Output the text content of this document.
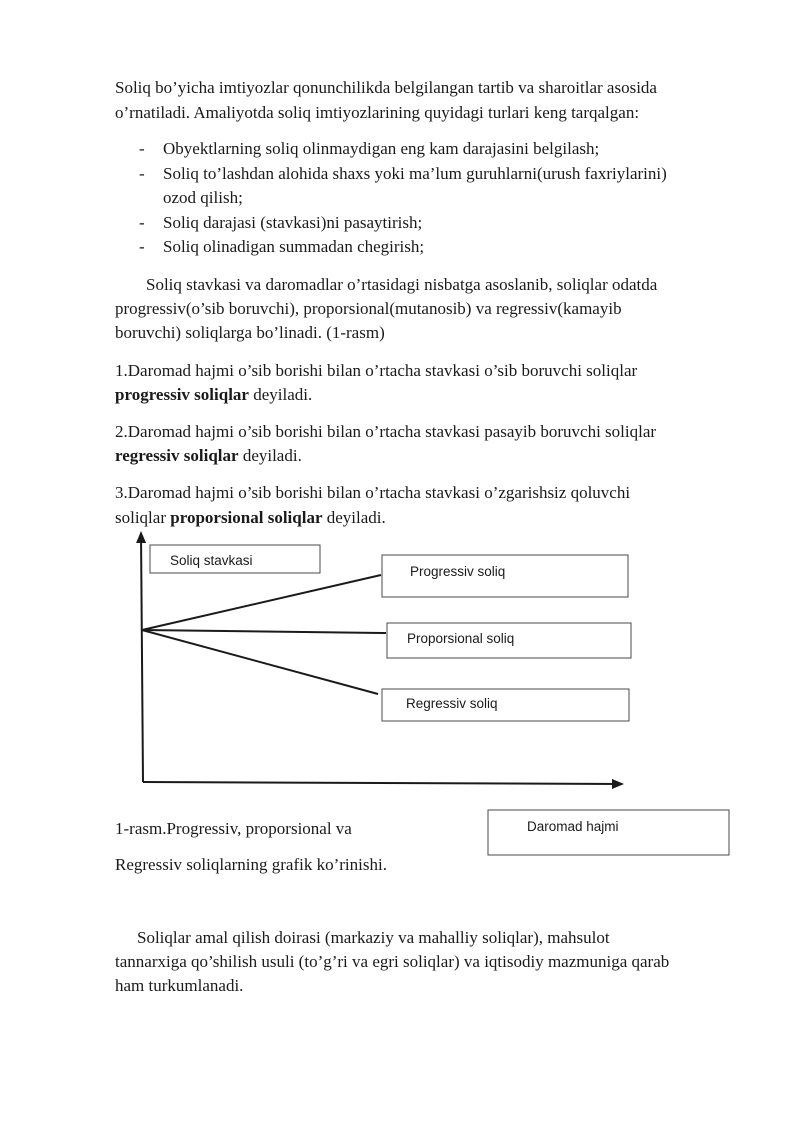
Soliq bo’yicha imtiyozlar qonunchilikda belgilangan tartib va sharoitlar asosida

o’rnatiladi. Amaliyotda soliq imtiyozlarining quyidagi turlari keng tarqalgan:

- Obyektlarning soliq olinmaydigan eng kam darajasini belgilash;

- Soliq to’lashdan alohida shaxs yoki ma’lum guruhlarni(urush faxriylarini)

ozod qilish;

- Soliq darajasi (stavkasi)ni pasaytirish;

- Soliq olinadigan summadan chegirish;

Soliq stavkasi va daromadlar o’rtasidagi nisbatga asoslanib, soliqlar odatda

progressiv(o’sib boruvchi), proporsional(mutanosib) va regressiv(kamayib

boruvchi) soliqlarga bo’linadi. (1-rasm)

1.Daromad hajmi o’sib borishi bilan o’rtacha stavkasi o’sib boruvchi soliqlar

progressiv soliqlar deyiladi.

2.Daromad hajmi o’sib borishi bilan o’rtacha stavkasi pasayib boruvchi soliqlar

regressiv soliqlar deyiladi.

3.Daromad hajmi o’sib borishi bilan o’rtacha stavkasi o’zgarishsiz qoluvchi

soliqlar proporsional soliqlar deyiladi.

Soliq stavkasi
Progressiv soliq
Proporsional soliq
Regressiv soliq
Daromad hajmi

1-rasm.Progressiv, proporsional va

Regressiv soliqlarning grafik ko’rinishi.

Soliqlar amal qilish doirasi (markaziy va mahalliy soliqlar), mahsulot

tannarxiga qo’shilish usuli (to’g’ri va egri soliqlar) va iqtisodiy mazmuniga qarab

ham turkumlanadi.
